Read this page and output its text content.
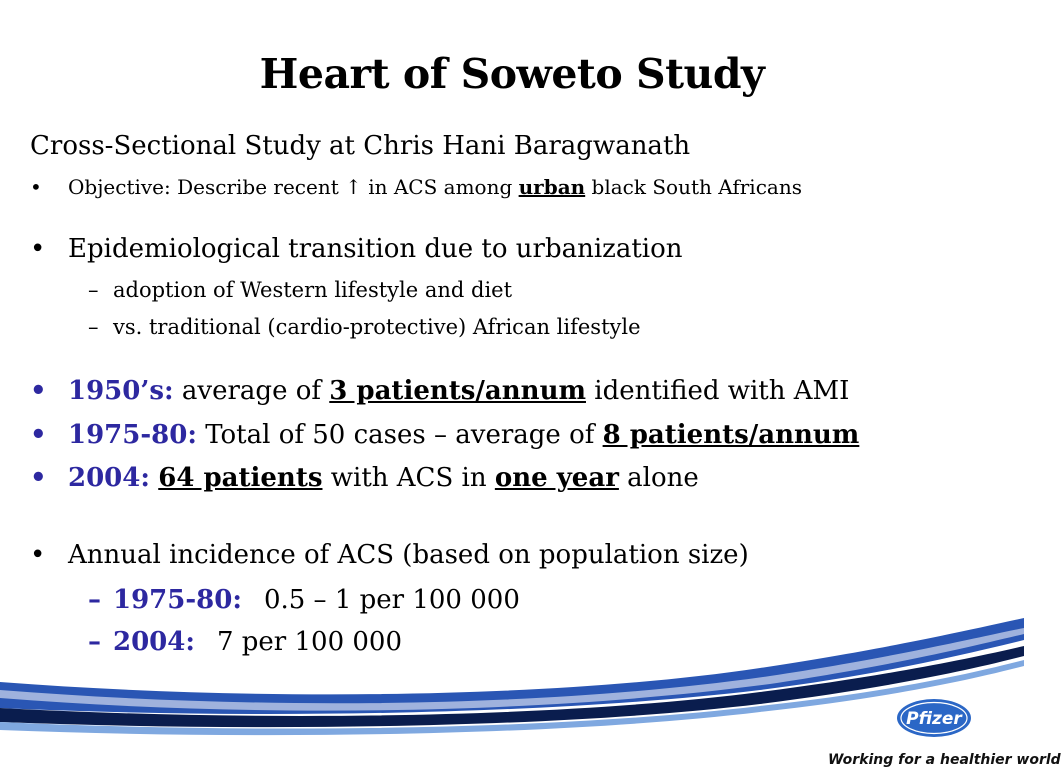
Heart of Soweto Study
Cross-Sectional Study at Chris Hani Baragwanath
• Objective: Describe recent ↑ in ACS among urban black South Africans
• Epidemiological transition due to urbanization
– adoption of Western lifestyle and diet
– vs. traditional (cardio-protective) African lifestyle
• 1950’s: average of 3 patients/annum identified with AMI
• 1975-80: Total of 50 cases – average of 8 patients/annum
• 2004: 64 patients with ACS in one year alone
• Annual incidence of ACS (based on population size)
– 1975-80: 0.5 – 1 per 100 000
– 2004: 7 per 100 000
Pfizer
Working for a healthier world
